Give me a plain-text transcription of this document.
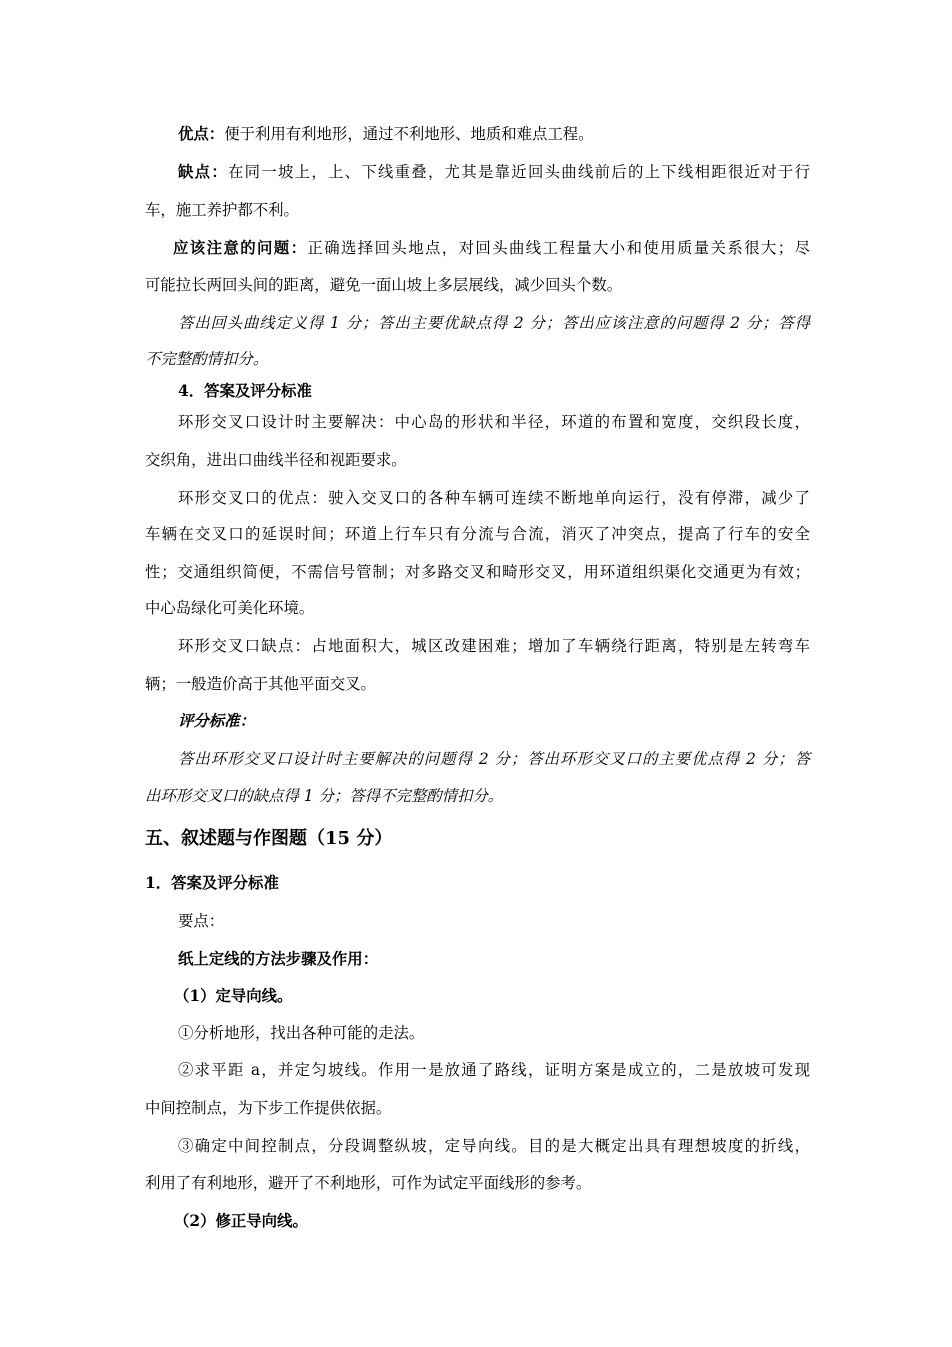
优点：便于利用有利地形，通过不利地形、地质和难点工程。
缺点：在同一坡上，上、下线重叠，尤其是靠近回头曲线前后的上下线相距很近对于行
车，施工养护都不利。
应该注意的问题：正确选择回头地点，对回头曲线工程量大小和使用质量关系很大；尽
可能拉长两回头间的距离，避免一面山坡上多层展线，减少回头个数。
答出回头曲线定义得 1 分；答出主要优缺点得 2 分；答出应该注意的问题得 2 分；答得
不完整酌情扣分。
4．答案及评分标准
环形交叉口设计时主要解决：中心岛的形状和半径，环道的布置和宽度，交织段长度，
交织角，进出口曲线半径和视距要求。
环形交叉口的优点：驶入交叉口的各种车辆可连续不断地单向运行，没有停滞，减少了
车辆在交叉口的延误时间；环道上行车只有分流与合流，消灭了冲突点，提高了行车的安全
性；交通组织简便，不需信号管制；对多路交叉和畸形交叉，用环道组织渠化交通更为有效；
中心岛绿化可美化环境。
环形交叉口缺点：占地面积大，城区改建困难；增加了车辆绕行距离，特别是左转弯车
辆；一般造价高于其他平面交叉。
评分标准：
答出环形交叉口设计时主要解决的问题得 2 分；答出环形交叉口的主要优点得 2 分；答
出环形交叉口的缺点得 1 分；答得不完整酌情扣分。
五、叙述题与作图题（15 分）
1．答案及评分标准
要点：
纸上定线的方法步骤及作用：
（1）定导向线。
①分析地形，找出各种可能的走法。
②求平距 a，并定匀坡线。作用一是放通了路线，证明方案是成立的，二是放坡可发现
中间控制点，为下步工作提供依据。
③确定中间控制点，分段调整纵坡，定导向线。目的是大概定出具有理想坡度的折线，
利用了有利地形，避开了不利地形，可作为试定平面线形的参考。
（2）修正导向线。
